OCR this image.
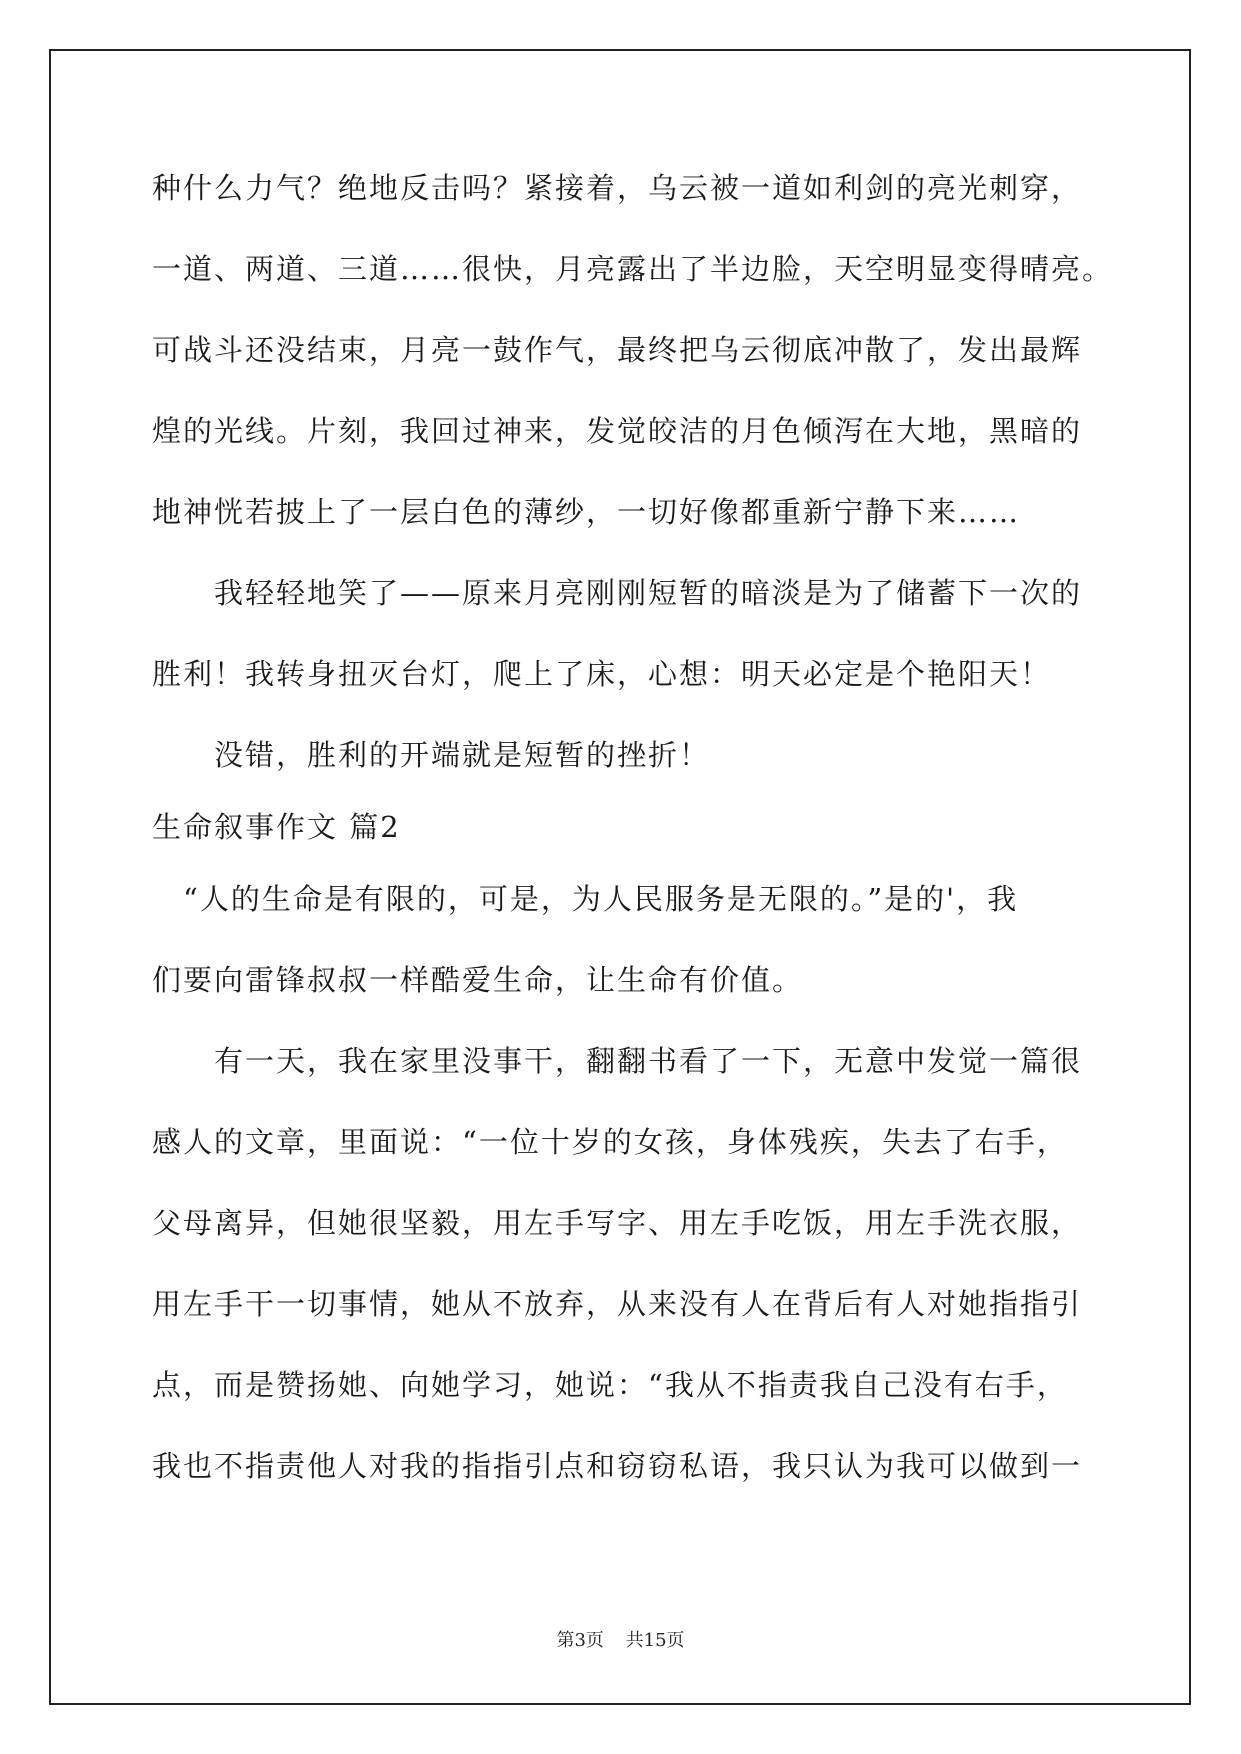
种什么力气？绝地反击吗？紧接着，乌云被一道如利剑的亮光刺穿，
一道、两道、三道……很快，月亮露出了半边脸，天空明显变得晴亮。
可战斗还没结束，月亮一鼓作气，最终把乌云彻底冲散了，发出最辉
煌的光线。片刻，我回过神来，发觉皎洁的月色倾泻在大地，黑暗的
地神恍若披上了一层白色的薄纱，一切好像都重新宁静下来……
　　我轻轻地笑了——原来月亮刚刚短暂的暗淡是为了储蓄下一次的
胜利！我转身扭灭台灯，爬上了床，心想：明天必定是个艳阳天！
　　没错，胜利的开端就是短暂的挫折！
生命叙事作文 篇2
　“人的生命是有限的，可是，为人民服务是无限的。”是的'，我
们要向雷锋叔叔一样酷爱生命，让生命有价值。
　　有一天，我在家里没事干，翻翻书看了一下，无意中发觉一篇很
感人的文章，里面说：“一位十岁的女孩，身体残疾，失去了右手，
父母离异，但她很坚毅，用左手写字、用左手吃饭，用左手洗衣服，
用左手干一切事情，她从不放弃，从来没有人在背后有人对她指指引
点，而是赞扬她、向她学习，她说：“我从不指责我自己没有右手，
我也不指责他人对我的指指引点和窃窃私语，我只认为我可以做到一
第3页 共15页
